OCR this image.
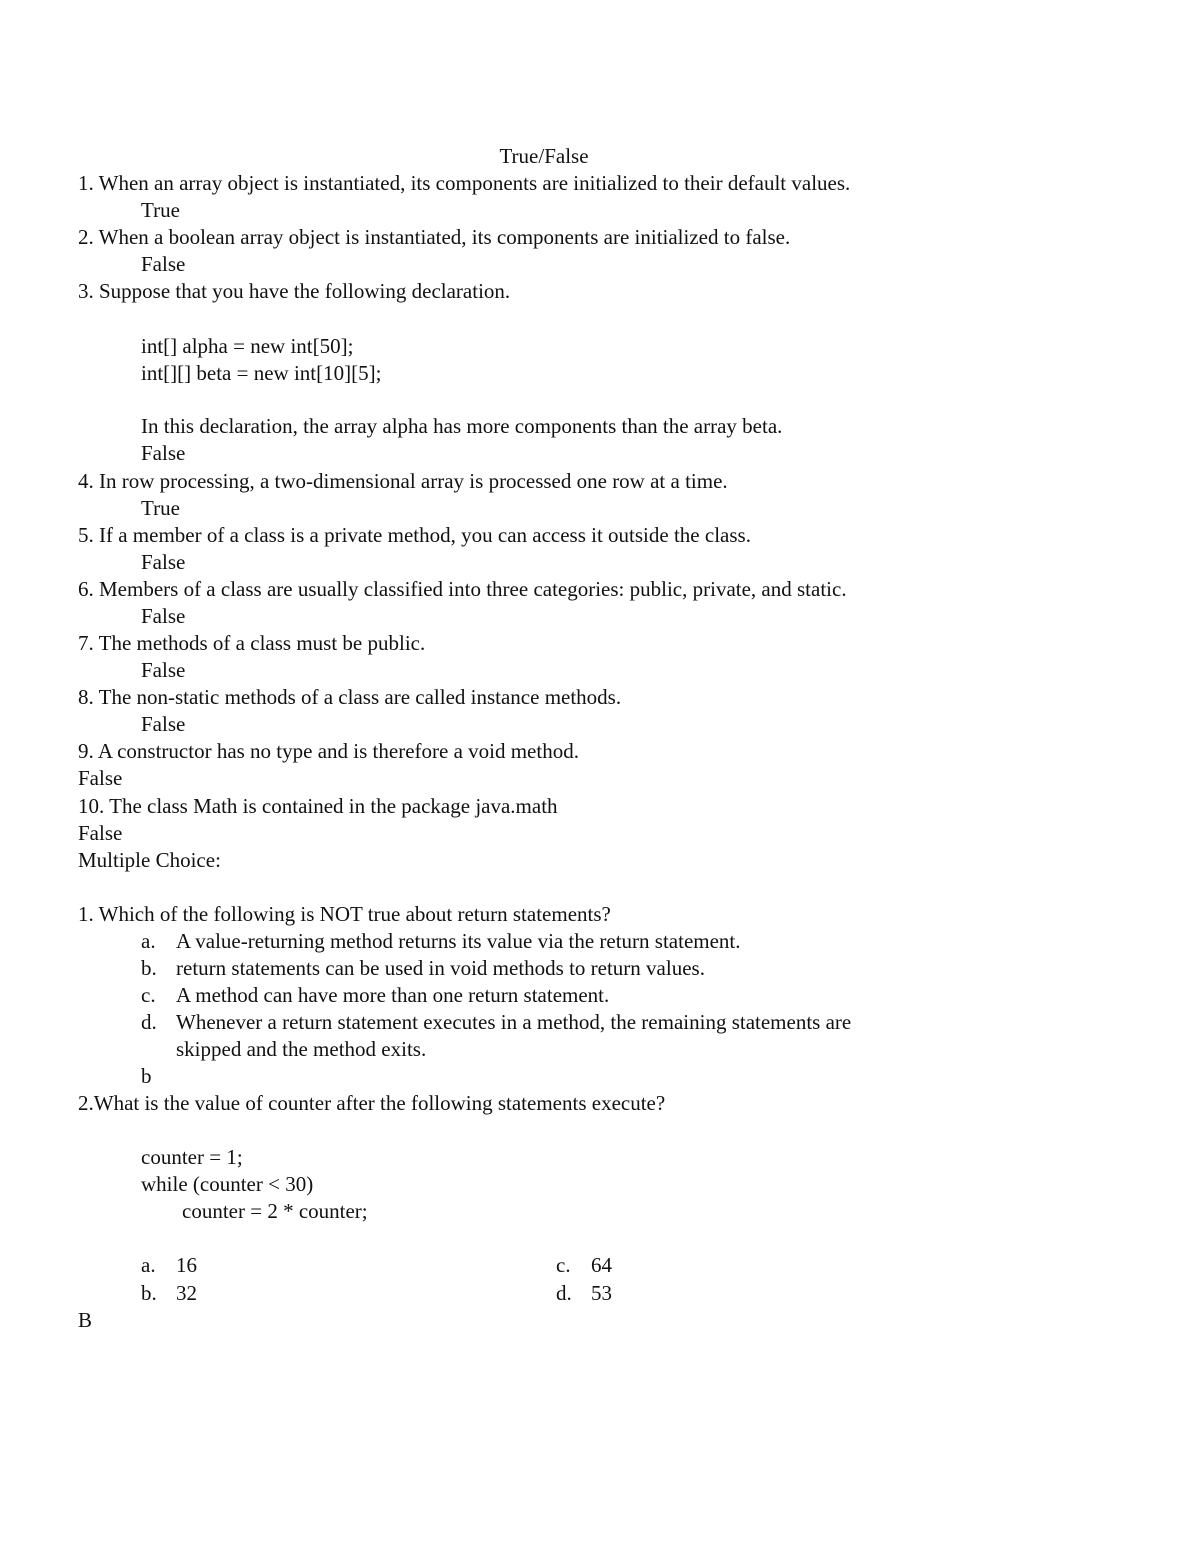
True/False
1. When an array object is instantiated, its components are initialized to their default values.
True
2. When a boolean array object is instantiated, its components are initialized to false.
False
3. Suppose that you have the following declaration.
int[] alpha = new int[50];
int[][] beta = new int[10][5];
In this declaration, the array alpha has more components than the array beta.
False
4. In row processing, a two-dimensional array is processed one row at a time.
True
5. If a member of a class is a private method, you can access it outside the class.
False
6. Members of a class are usually classified into three categories: public, private, and static.
False
7. The methods of a class must be public.
False
8. The non-static methods of a class are called instance methods.
False
9. A constructor has no type and is therefore a void method.
False
10. The class Math is contained in the package java.math
False
Multiple Choice:
1. Which of the following is NOT true about return statements?
a. A value-returning method returns its value via the return statement.
b. return statements can be used in void methods to return values.
c. A method can have more than one return statement.
d. Whenever a return statement executes in a method, the remaining statements are
skipped and the method exits.
b
2.What is the value of counter after the following statements execute?
counter = 1;
while (counter < 30)
counter = 2 * counter;
a. 16
b. 32
c. 64
d. 53
B
